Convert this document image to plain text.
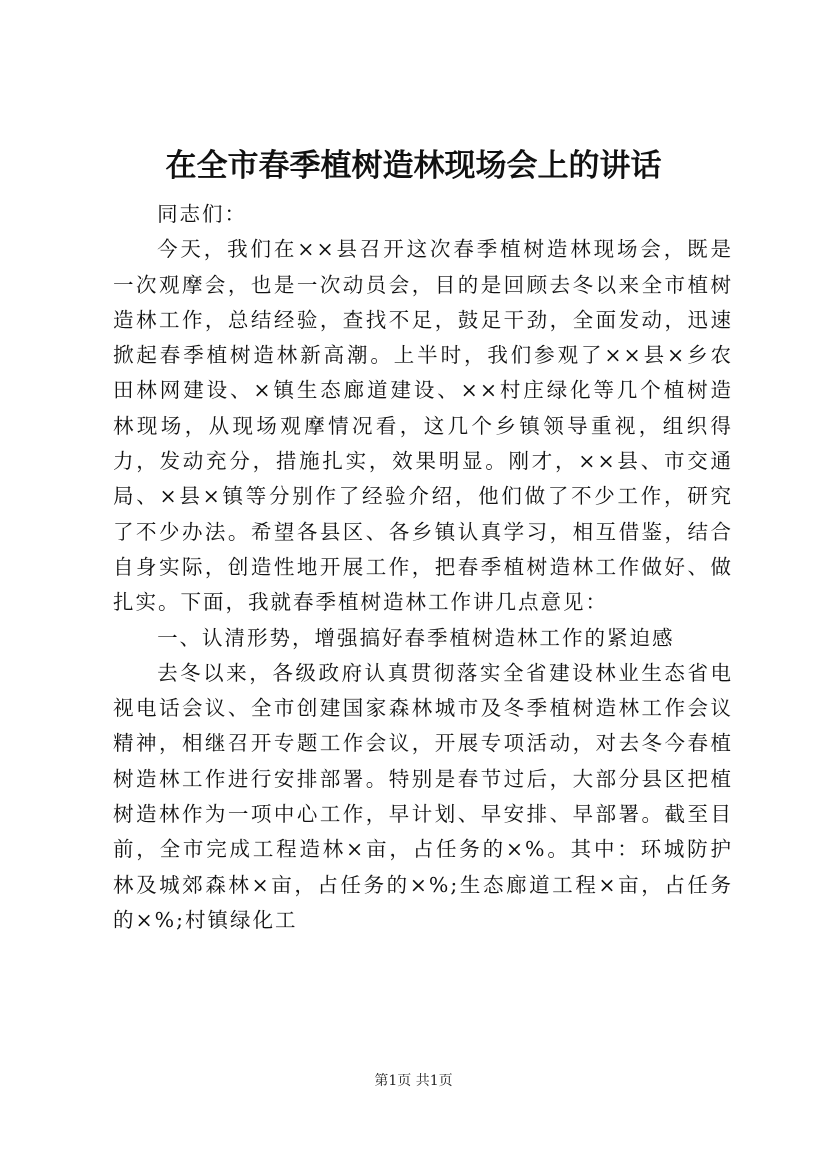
在全市春季植树造林现场会上的讲话

同志们：

今天，我们在××县召开这次春季植树造林现场会，既是一次观摩会，也是一次动员会，目的是回顾去冬以来全市植树造林工作，总结经验，查找不足，鼓足干劲，全面发动，迅速掀起春季植树造林新高潮。上半时，我们参观了××县×乡农田林网建设、×镇生态廊道建设、××村庄绿化等几个植树造林现场，从现场观摩情况看，这几个乡镇领导重视，组织得力，发动充分，措施扎实，效果明显。刚才，××县、市交通局、×县×镇等分别作了经验介绍，他们做了不少工作，研究了不少办法。希望各县区、各乡镇认真学习，相互借鉴，结合自身实际，创造性地开展工作，把春季植树造林工作做好、做扎实。下面，我就春季植树造林工作讲几点意见：

一、认清形势，增强搞好春季植树造林工作的紧迫感

去冬以来，各级政府认真贯彻落实全省建设林业生态省电视电话会议、全市创建国家森林城市及冬季植树造林工作会议精神，相继召开专题工作会议，开展专项活动，对去冬今春植树造林工作进行安排部署。特别是春节过后，大部分县区把植树造林作为一项中心工作，早计划、早安排、早部署。截至目前，全市完成工程造林×亩，占任务的×%。其中：环城防护林及城郊森林×亩，占任务的×%;生态廊道工程×亩，占任务的×%;村镇绿化工

第1页 共1页
